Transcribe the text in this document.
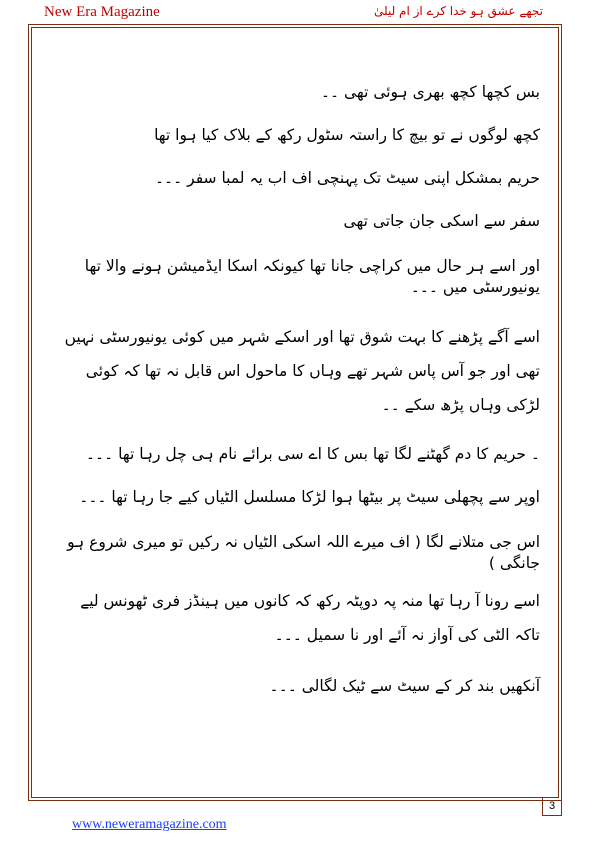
New Era Magazine	تجھے عشق ہو خدا کرے از ام لیلیٰ

بس کچھا کچھ بھری ہوئی تھی ۔۔

کچھ لوگوں نے تو بیچ کا راستہ سٹول رکھ کے بلاک کیا ہوا تھا

حریم بمشکل اپنی سیٹ تک پہنچی اف اب یہ لمبا سفر ۔۔۔

سفر سے اسکی جان جاتی تھی

اور اسے ہر حال میں کراچی جانا تھا کیونکہ اسکا ایڈمیشن ہونے والا تھا یونیورسٹی میں ۔۔۔

اسے آگے پڑھنے کا بہت شوق تھا اور اسکے شہر میں کوئی یونیورسٹی نہیں تھی اور جو آس پاس شہر تھے وہاں کا ماحول اس قابل نہ تھا کہ کوئی لڑکی وہاں پڑھ سکے ۔۔

۔ حریم کا دم گھٹنے لگا تھا بس کا اے سی برائے نام ہی چل رہا تھا ۔۔۔

اوپر سے پچھلی سیٹ پر بیٹھا ہوا لڑکا مسلسل الٹیاں کیے جا رہا تھا ۔۔۔

اس جی متلانے لگا ( اف میرے اللہ اسکی الٹیاں نہ رکیں تو میری شروع ہو جانگی )

اسے رونا آ رہا تھا منہ پہ دوپٹہ رکھ کہ کانوں میں ہینڈز فری ٹھونس لیے تاکہ الٹی کی آواز نہ آئے اور نا سمیل ۔۔۔

آنکھیں بند کر کے سیٹ سے ٹیک لگالی ۔۔۔

3
www.neweramagazine.com
